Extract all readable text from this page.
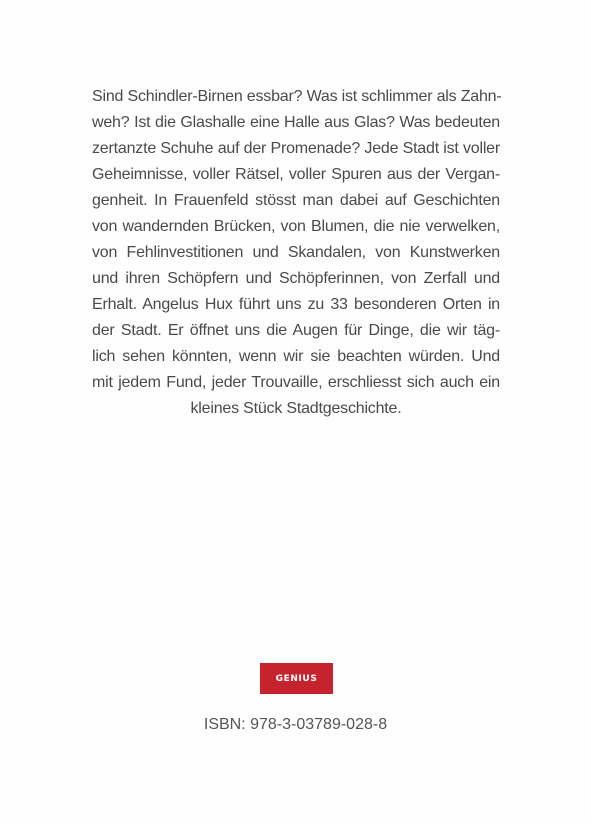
Sind Schindler-Birnen essbar? Was ist schlimmer als Zahn-
weh? Ist die Glashalle eine Halle aus Glas? Was bedeuten
zertanzte Schuhe auf der Promenade? Jede Stadt ist voller
Geheimnisse, voller Rätsel, voller Spuren aus der Vergan-
genheit. In Frauenfeld stösst man dabei auf Geschichten
von wandernden Brücken, von Blumen, die nie verwelken,
von Fehlinvestitionen und Skandalen, von Kunstwerken
und ihren Schöpfern und Schöpferinnen, von Zerfall und
Erhalt. Angelus Hux führt uns zu 33 besonderen Orten in
der Stadt. Er öffnet uns die Augen für Dinge, die wir täg-
lich sehen könnten, wenn wir sie beachten würden. Und
mit jedem Fund, jeder Trouvaille, erschliesst sich auch ein
kleines Stück Stadtgeschichte.

GENIUS
ISBN: 978-3-03789-028-8
